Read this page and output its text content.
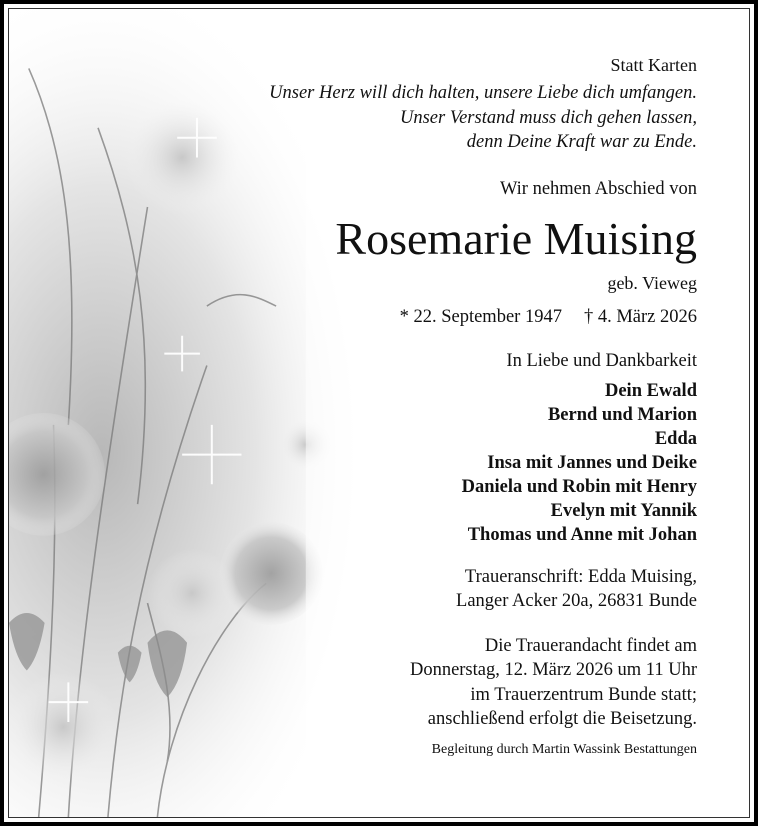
Statt Karten
Unser Herz will dich halten, unsere Liebe dich umfangen.
Unser Verstand muss dich gehen lassen,
denn Deine Kraft war zu Ende.
Wir nehmen Abschied von
Rosemarie Muising
geb. Vieweg
* 22. September 1947 † 4. März 2026
In Liebe und Dankbarkeit
Dein Ewald
Bernd und Marion
Edda
Insa mit Jannes und Deike
Daniela und Robin mit Henry
Evelyn mit Yannik
Thomas und Anne mit Johan
Traueranschrift: Edda Muising,
Langer Acker 20a, 26831 Bunde
Die Trauerandacht findet am
Donnerstag, 12. März 2026 um 11 Uhr
im Trauerzentrum Bunde statt;
anschließend erfolgt die Beisetzung.
Begleitung durch Martin Wassink Bestattungen
